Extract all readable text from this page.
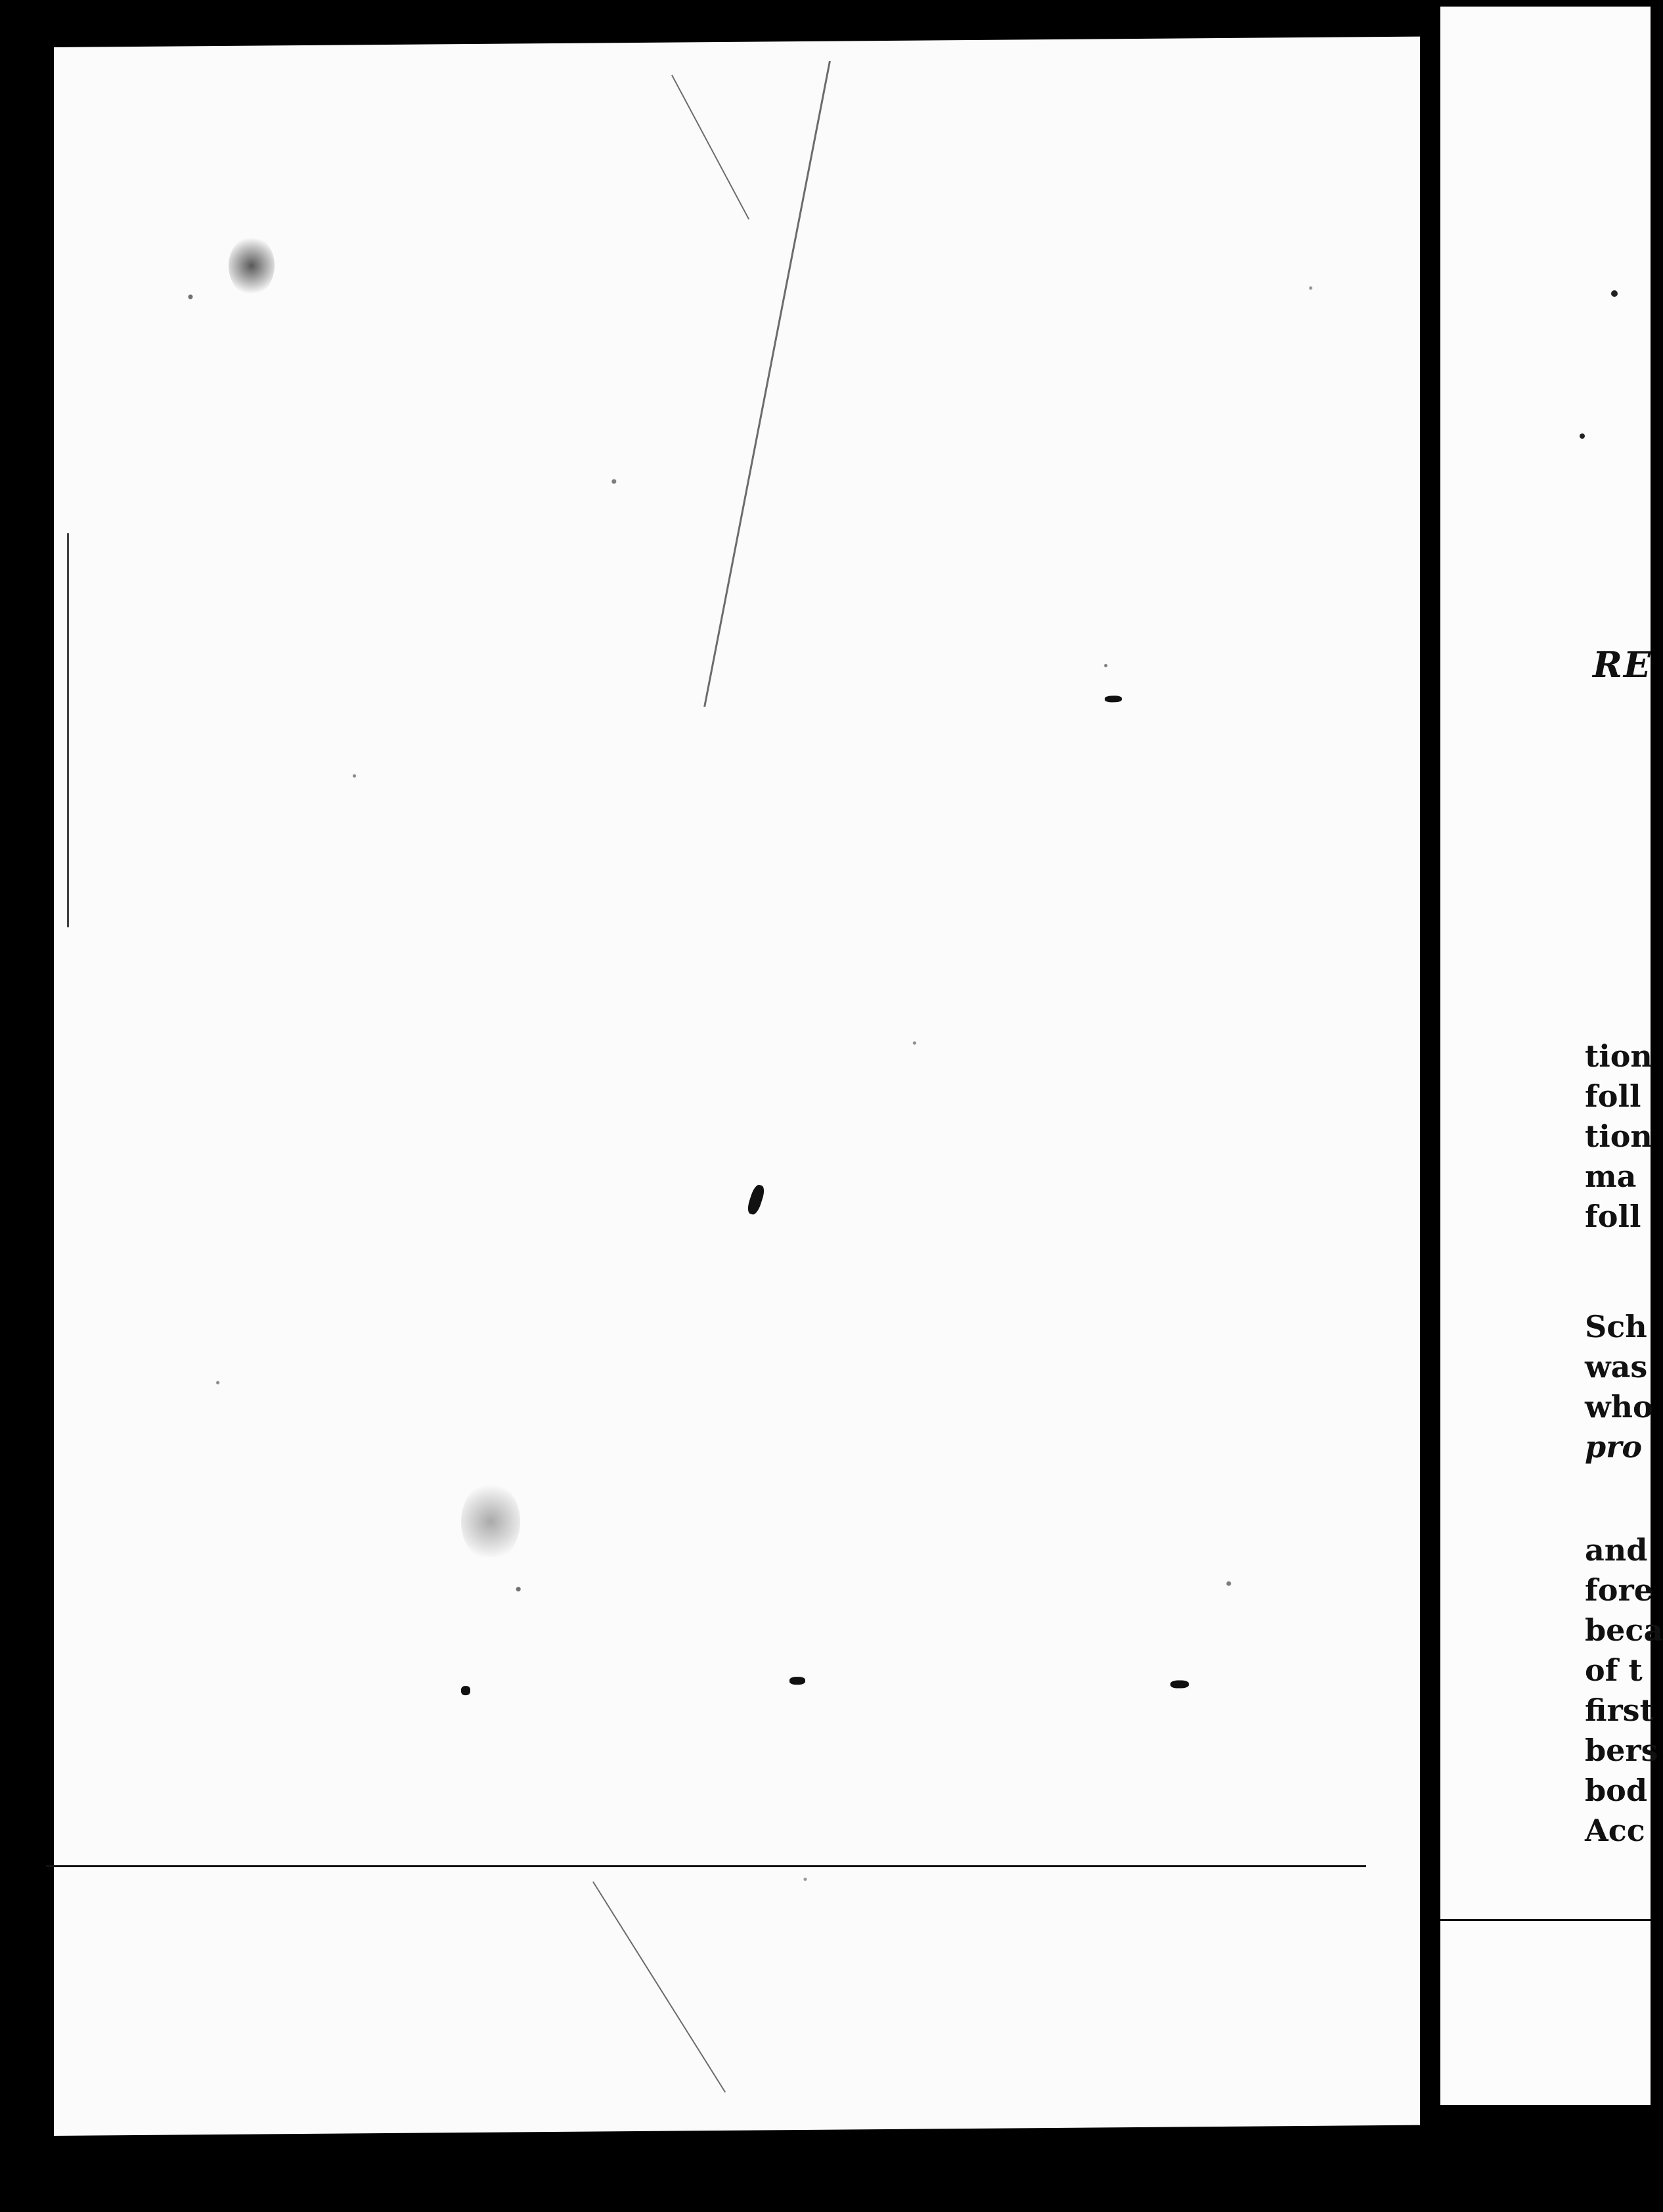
RE
tion
foll
tion
ma
foll
Sch
was
who
pro
and
fore
beca
of t
first
bers
bod
Acc
